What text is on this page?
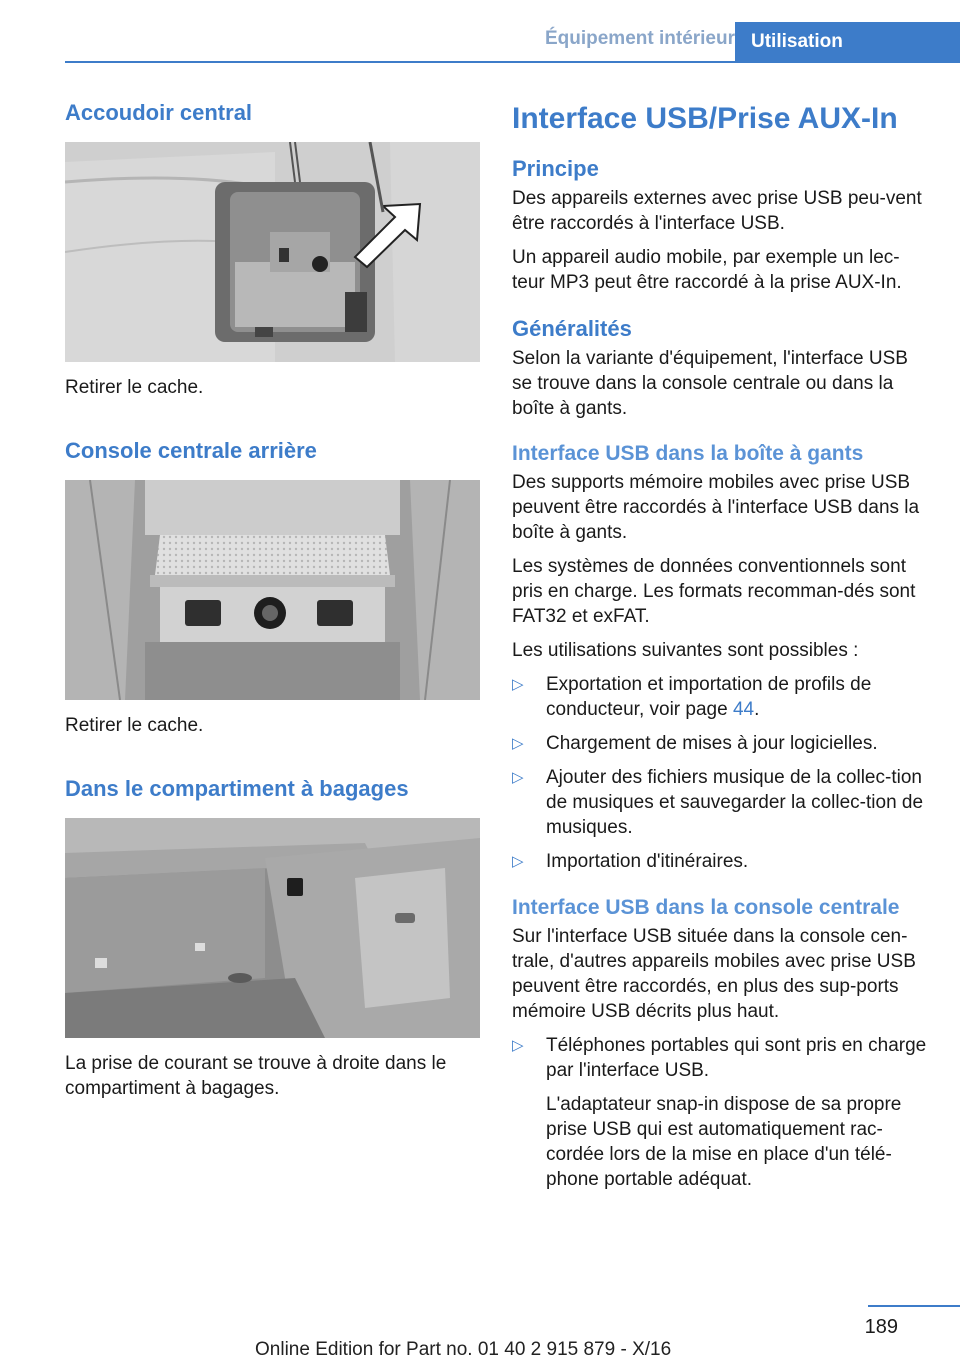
Équipement intérieur Utilisation
Accoudoir central

Retirer le cache.

Console centrale arrière

Retirer le cache.

Dans le compartiment à bagages

La prise de courant se trouve à droite dans le compartiment à bagages.

Interface USB/Prise AUX-In
Principe

Des appareils externes avec prise USB peu-vent être raccordés à l'interface USB.

Un appareil audio mobile, par exemple un lec-teur MP3 peut être raccordé à la prise AUX-In.

Généralités

Selon la variante d'équipement, l'interface USB se trouve dans la console centrale ou dans la boîte à gants.

Interface USB dans la boîte à gants

Des supports mémoire mobiles avec prise USB peuvent être raccordés à l'interface USB dans la boîte à gants.

Les systèmes de données conventionnels sont pris en charge. Les formats recomman-dés sont FAT32 et exFAT.

Les utilisations suivantes sont possibles :

▷ Exportation et importation de profils de conducteur, voir page 44.
▷ Chargement de mises à jour logicielles.
▷ Ajouter des fichiers musique de la collec-tion de musiques et sauvegarder la collec-tion de musiques.
▷ Importation d'itinéraires.
Interface USB dans la console centrale

Sur l'interface USB située dans la console cen-trale, d'autres appareils mobiles avec prise USB peuvent être raccordés, en plus des sup-ports mémoire USB décrits plus haut.

▷ Téléphones portables qui sont pris en charge par l'interface USB.

L'adaptateur snap-in dispose de sa propre prise USB qui est automatiquement rac-cordée lors de la mise en place d'un télé-phone portable adéquat.

189
Online Edition for Part no. 01 40 2 915 879 - X/16
